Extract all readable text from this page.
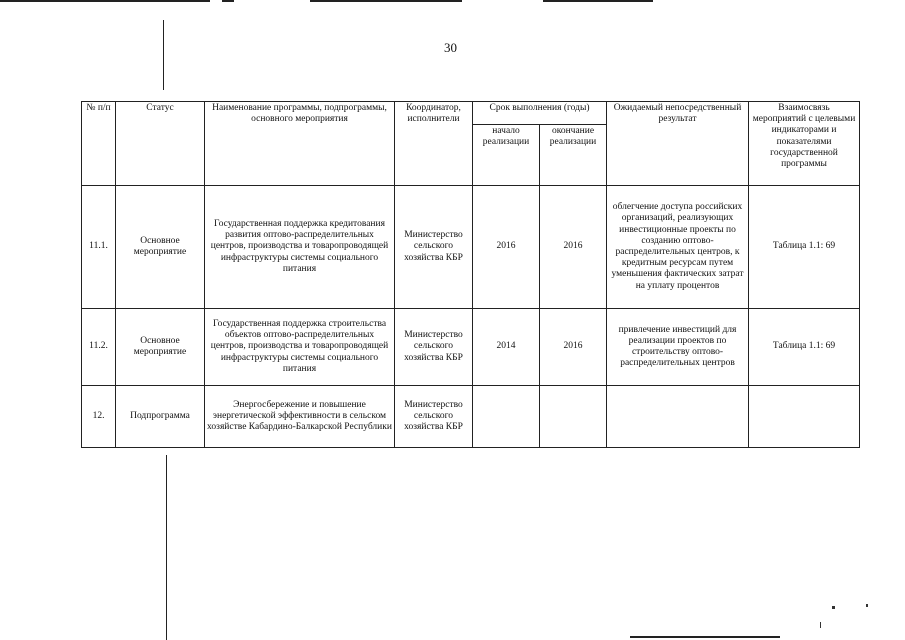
30
№ п/п	Статус	Наименование программы, подпрограммы, основного мероприятия	Координатор, исполнители	Срок выполнения (годы)		Ожидаемый непосредственный результат	Взаимосвязь мероприятий с целевыми индикаторами и показателями государственной программы
				начало реализации	окончание реализации		
11.1.	Основное мероприятие	Государственная поддержка кредитования развития оптово-распределительных центров, производства и товаропроводящей инфраструктуры системы социального питания	Министерство сельского хозяйства КБР	2016	2016	облегчение доступа российских организаций, реализующих инвестиционные проекты по созданию оптово-распределительных центров, к кредитным ресурсам путем уменьшения фактических затрат на уплату процентов	Таблица 1.1: 69
11.2.	Основное мероприятие	Государственная поддержка строительства объектов оптово-распределительных центров, производства и товаропроводящей инфраструктуры системы социального питания	Министерство сельского хозяйства КБР	2014	2016	привлечение инвестиций для реализации проектов по строительству оптово-распределительных центров	Таблица 1.1: 69
12.	Подпрограмма	Энергосбережение и повышение энергетической эффективности в сельском хозяйстве Кабардино-Балкарской Республики	Министерство сельского хозяйства КБР				
